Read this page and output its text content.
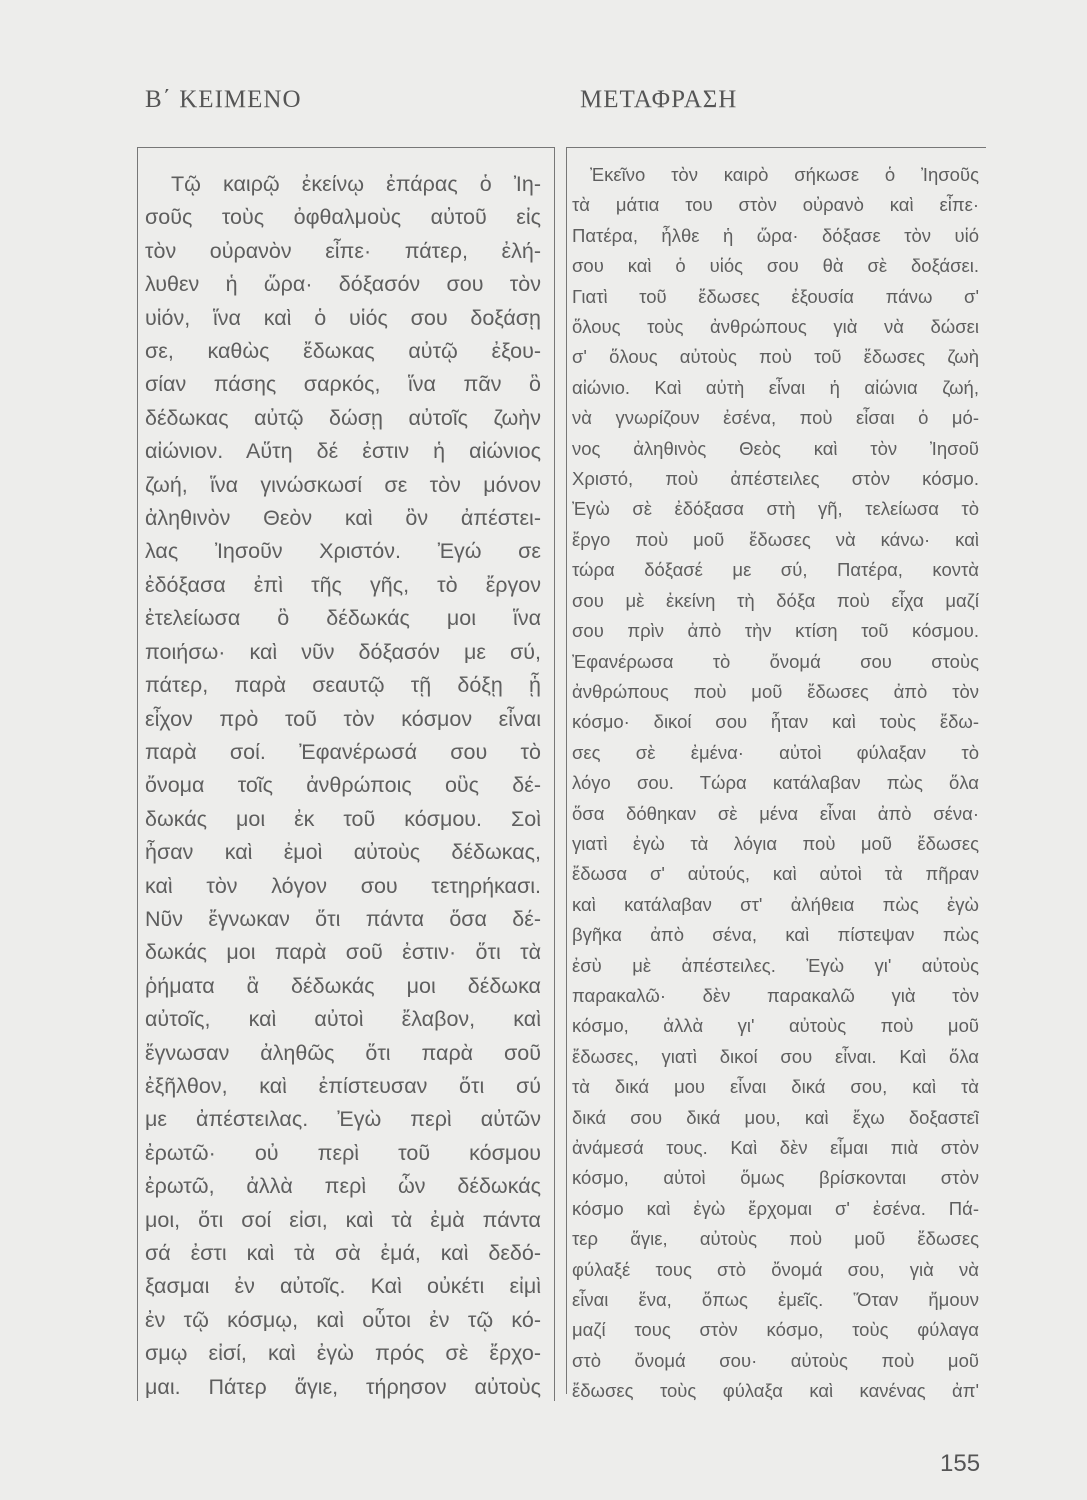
Β΄ ΚΕΙΜΕΝΟ	ΜΕΤΑΦΡΑΣΗ
Τῷ καιρῷ ἐκείνῳ ἐπάρας ὁ Ἰη-
σοῦς τοὺς ὀφθαλμοὺς αὐτοῦ εἰς
τὸν οὐρανὸν εἶπε· πάτερ, ἐλή-
λυθεν ἡ ὥρα· δόξασόν σου τὸν
υἱόν, ἵνα καὶ ὁ υἱός σου δοξάσῃ
σε, καθὼς ἔδωκας αὐτῷ ἐξου-
σίαν πάσης σαρκός, ἵνα πᾶν ὃ
δέδωκας αὐτῷ δώσῃ αὐτοῖς ζωὴν
αἰώνιον. Αὕτη δέ ἐστιν ἡ αἰώνιος
ζωή, ἵνα γινώσκωσί σε τὸν μόνον
ἀληθινὸν Θεὸν καὶ ὃν ἀπέστει-
λας Ἰησοῦν Χριστόν. Ἐγώ σε
ἐδόξασα ἐπὶ τῆς γῆς, τὸ ἔργον
ἐτελείωσα ὃ δέδωκάς μοι ἵνα
ποιήσω· καὶ νῦν δόξασόν με σύ,
πάτερ, παρὰ σεαυτῷ τῇ δόξῃ ᾗ
εἶχον πρὸ τοῦ τὸν κόσμον εἶναι
παρὰ σοί. Ἐφανέρωσά σου τὸ
ὄνομα τοῖς ἀνθρώποις οὓς δέ-
δωκάς μοι ἐκ τοῦ κόσμου. Σοὶ
ἦσαν καὶ ἐμοὶ αὐτοὺς δέδωκας,
καὶ τὸν λόγον σου τετηρήκασι.
Νῦν ἔγνωκαν ὅτι πάντα ὅσα δέ-
δωκάς μοι παρὰ σοῦ ἐστιν· ὅτι τὰ
ῥήματα ἃ δέδωκάς μοι δέδωκα
αὐτοῖς, καὶ αὐτοὶ ἔλαβον, καὶ
ἔγνωσαν ἀληθῶς ὅτι παρὰ σοῦ
ἐξῆλθον, καὶ ἐπίστευσαν ὅτι σύ
με ἀπέστειλας. Ἐγὼ περὶ αὐτῶν
ἐρωτῶ· οὐ περὶ τοῦ κόσμου
ἐρωτῶ, ἀλλὰ περὶ ὧν δέδωκάς
μοι, ὅτι σοί εἰσι, καὶ τὰ ἐμὰ πάντα
σά ἐστι καὶ τὰ σὰ ἐμά, καὶ δεδό-
ξασμαι ἐν αὐτοῖς. Καὶ οὐκέτι εἰμὶ
ἐν τῷ κόσμῳ, καὶ οὗτοι ἐν τῷ κό-
σμῳ εἰσί, καὶ ἐγὼ πρός σὲ ἔρχο-
μαι. Πάτερ ἅγιε, τήρησον αὐτοὺς
Ἐκεῖνο τὸν καιρὸ σήκωσε ὁ Ἰησοῦς
τὰ μάτια του στὸν οὐρανὸ καὶ εἶπε·
Πατέρα, ἦλθε ἡ ὥρα· δόξασε τὸν υἱό
σου καὶ ὁ υἱός σου θὰ σὲ δοξάσει.
Γιατὶ τοῦ ἔδωσες ἐξουσία πάνω σ'
ὅλους τοὺς ἀνθρώπους γιὰ νὰ δώσει
σ' ὅλους αὐτοὺς ποὺ τοῦ ἔδωσες ζωὴ
αἰώνιο. Καὶ αὐτὴ εἶναι ἡ αἰώνια ζωή,
νὰ γνωρίζουν ἐσένα, ποὺ εἶσαι ὁ μό-
νος ἀληθινὸς Θεὸς καὶ τὸν Ἰησοῦ
Χριστό, ποὺ ἀπέστειλες στὸν κόσμο.
Ἐγὼ σὲ ἐδόξασα στὴ γῆ, τελείωσα τὸ
ἔργο ποὺ μοῦ ἔδωσες νὰ κάνω· καὶ
τώρα δόξασέ με σύ, Πατέρα, κοντὰ
σου μὲ ἐκείνη τὴ δόξα ποὺ εἶχα μαζί
σου πρὶν ἀπὸ τὴν κτίση τοῦ κόσμου.
Ἐφανέρωσα τὸ ὄνομά σου στοὺς
ἀνθρώπους ποὺ μοῦ ἔδωσες ἀπὸ τὸν
κόσμο· δικοί σου ἦταν καὶ τοὺς ἔδω-
σες σὲ ἐμένα· αὐτοὶ φύλαξαν τὸ
λόγο σου. Τώρα κατάλαβαν πὼς ὅλα
ὅσα δόθηκαν σὲ μένα εἶναι ἀπὸ σένα·
γιατὶ ἐγὼ τὰ λόγια ποὺ μοῦ ἔδωσες
ἔδωσα σ' αὐτούς, καὶ αὐτοὶ τὰ πῆραν
καὶ κατάλαβαν στ' ἀλήθεια πὼς ἐγὼ
βγῆκα ἀπὸ σένα, καὶ πίστεψαν πὼς
ἐσὺ μὲ ἀπέστειλες. Ἐγὼ γι' αὐτοὺς
παρακαλῶ· δὲν παρακαλῶ γιὰ τὸν
κόσμο, ἀλλὰ γι' αὐτοὺς ποὺ μοῦ
ἔδωσες, γιατὶ δικοί σου εἶναι. Καὶ ὅλα
τὰ δικά μου εἶναι δικά σου, καὶ τὰ
δικά σου δικά μου, καὶ ἔχω δοξαστεῖ
ἀνάμεσά τους. Καὶ δὲν εἶμαι πιὰ στὸν
κόσμο, αὐτοὶ ὅμως βρίσκονται στὸν
κόσμο καὶ ἐγὼ ἔρχομαι σ' ἐσένα. Πά-
τερ ἅγιε, αὐτοὺς ποὺ μοῦ ἔδωσες
φύλαξέ τους στὸ ὄνομά σου, γιὰ νὰ
εἶναι ἕνα, ὅπως ἐμεῖς. Ὅταν ἤμουν
μαζί τους στὸν κόσμο, τοὺς φύλαγα
στὸ ὄνομά σου· αὐτοὺς ποὺ μοῦ
ἔδωσες τοὺς φύλαξα καὶ κανένας ἀπ'
155
